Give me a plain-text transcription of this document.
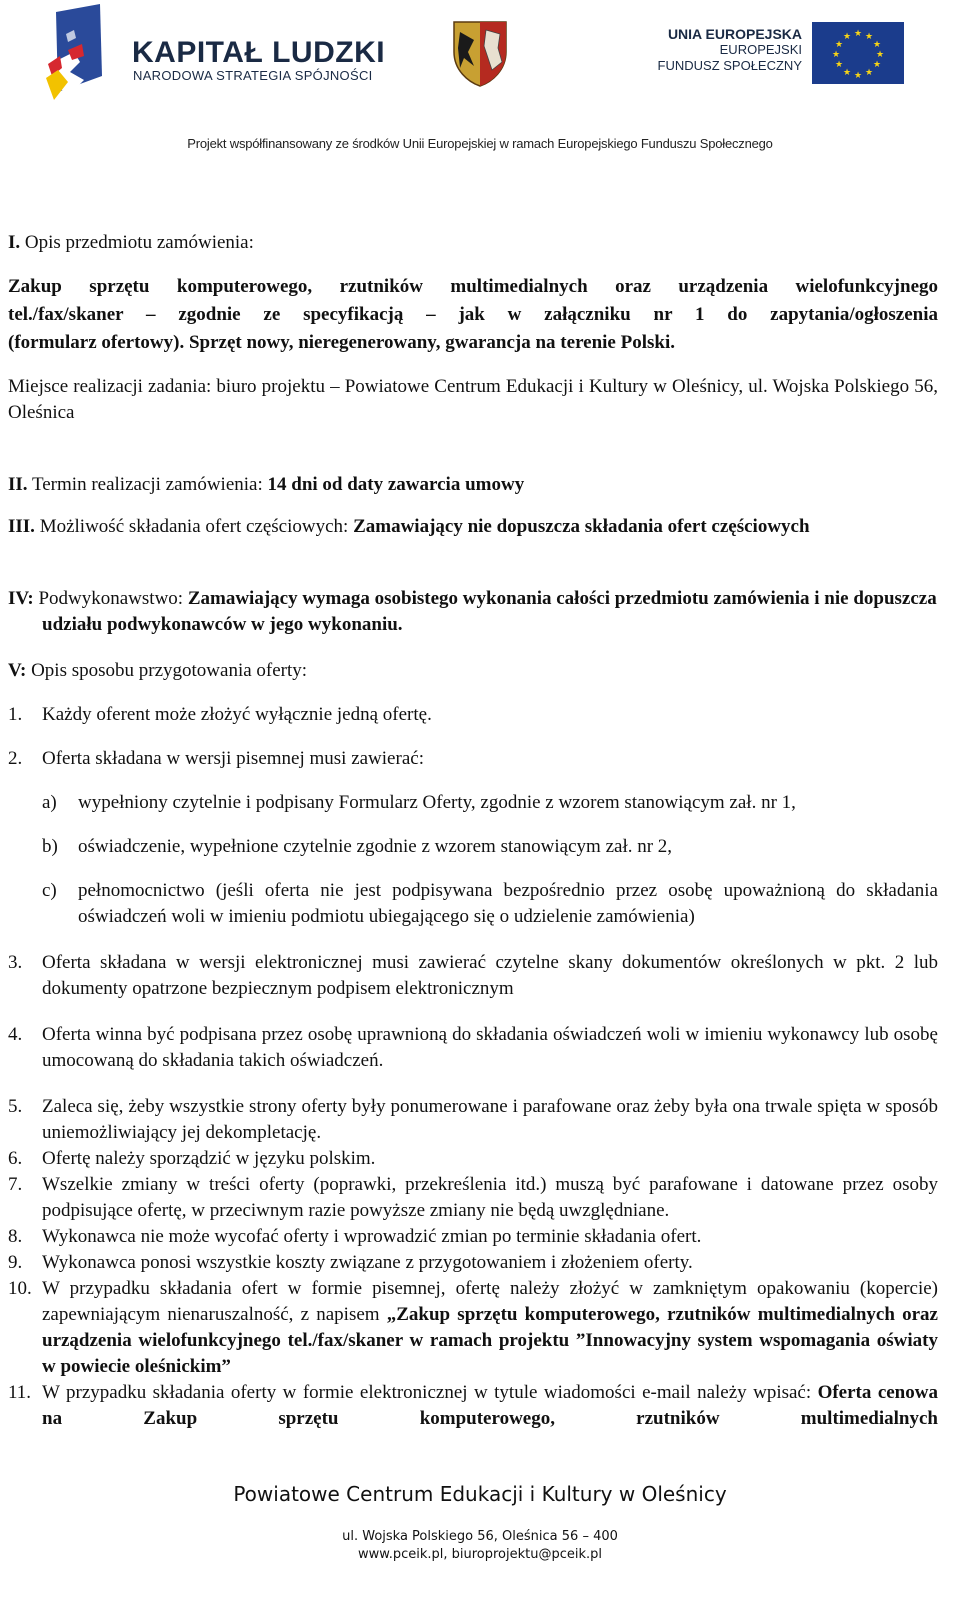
KAPITAŁ LUDZKI
NARODOWA STRATEGIA SPÓJNOŚCI
UNIA EUROPEJSKA
EUROPEJSKI
FUNDUSZ SPOŁECZNY
★ ★
★
★
★
★
★
★
★
★
★
★
Projekt współfinansowany ze środków Unii Europejskiej w ramach Europejskiego Funduszu Społecznego

I. Opis przedmiotu zamówienia:

Zakup sprzętu komputerowego, rzutników multimedialnych oraz urządzenia wielofunkcyjnego

tel./fax/skaner – zgodnie ze specyfikacją – jak w załączniku nr 1 do zapytania/ogłoszenia

(formularz ofertowy). Sprzęt nowy, nieregenerowany, gwarancja na terenie Polski.

Miejsce realizacji zadania: biuro projektu – Powiatowe Centrum Edukacji i Kultury w Oleśnicy, ul. Wojska Polskiego 56, Oleśnica

II. Termin realizacji zamówienia: 14 dni od daty zawarcia umowy

III. Możliwość składania ofert częściowych: Zamawiający nie dopuszcza składania ofert częściowych

IV: Podwykonawstwo: Zamawiający wymaga osobistego wykonania całości przedmiotu zamówienia i nie dopuszcza udziału podwykonawców w jego wykonaniu.

V: Opis sposobu przygotowania oferty:

1.	Każdy oferent może złożyć wyłącznie jedną ofertę.
2.	Oferta składana w wersji pisemnej musi zawierać:
a)	wypełniony czytelnie i podpisany Formularz Oferty, zgodnie z wzorem stanowiącym zał. nr 1,
b)	oświadczenie, wypełnione czytelnie zgodnie z wzorem stanowiącym zał. nr 2,
c)	pełnomocnictwo (jeśli oferta nie jest podpisywana bezpośrednio przez osobę upoważnioną do składania oświadczeń woli w imieniu podmiotu ubiegającego się o udzielenie zamówienia)
3.	Oferta składana w wersji elektronicznej musi zawierać czytelne skany dokumentów określonych w pkt. 2 lub dokumenty opatrzone bezpiecznym podpisem elektronicznym
4.	Oferta winna być podpisana przez osobę uprawnioną do składania oświadczeń woli w imieniu wykonawcy lub osobę umocowaną do składania takich oświadczeń.
5.	Zaleca się, żeby wszystkie strony oferty były ponumerowane i parafowane oraz żeby była ona trwale spięta w sposób uniemożliwiający jej dekompletację.
6.	Ofertę należy sporządzić w języku polskim.
7.	Wszelkie zmiany w treści oferty (poprawki, przekreślenia itd.) muszą być parafowane i datowane przez osoby podpisujące ofertę, w przeciwnym razie powyższe zmiany nie będą uwzględniane.
8.	Wykonawca nie może wycofać oferty i wprowadzić zmian po terminie składania ofert.
9.	Wykonawca ponosi wszystkie koszty związane z przygotowaniem i złożeniem oferty.
10. W przypadku składania ofert w formie pisemnej, ofertę należy złożyć w zamkniętym opakowaniu (kopercie) zapewniającym nienaruszalność, z napisem „Zakup sprzętu komputerowego, rzutników multimedialnych oraz urządzenia wielofunkcyjnego tel./fax/skaner w ramach projektu ”Innowacyjny system wspomagania oświaty w powiecie oleśnickim”
11. W przypadku składania oferty w formie elektronicznej w tytule wiadomości e-mail należy wpisać: Oferta cenowa na Zakup sprzętu komputerowego, rzutników multimedialnych
Powiatowe Centrum Edukacji i Kultury w Oleśnicy
ul. Wojska Polskiego 56, Oleśnica 56 – 400
www.pceik.pl, biuroprojektu@pceik.pl
